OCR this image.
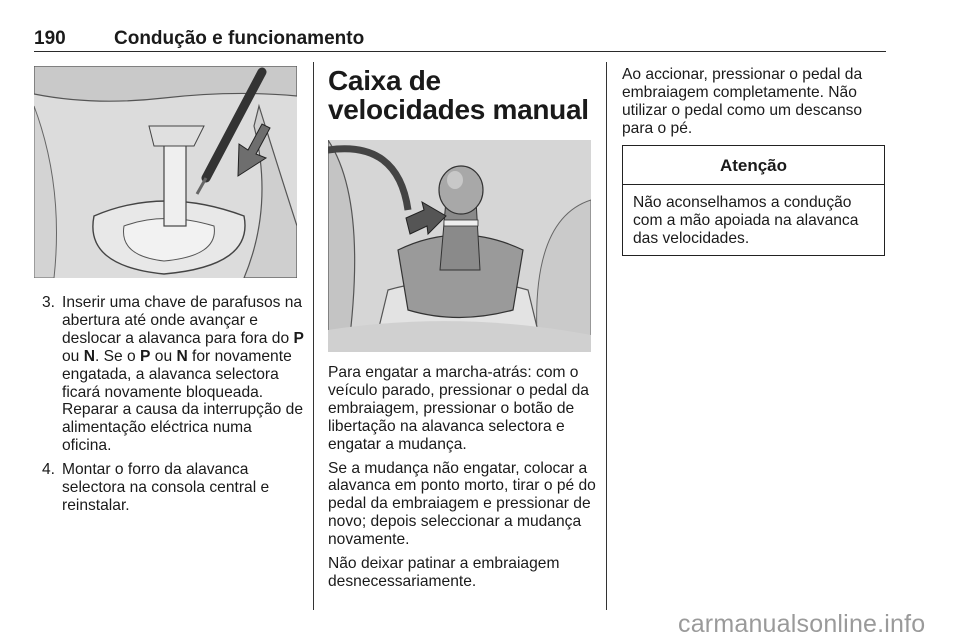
190	Condução e funcionamento
3. Inserir uma chave de parafusos na abertura até onde avançar e deslocar a alavanca para fora do P ou N. Se o P ou N for novamente engatada, a alavanca selectora ficará novamente bloqueada. Reparar a causa da interrupção de alimentação eléctrica numa oficina.
4. Montar o forro da alavanca selectora na consola central e reinstalar.
Caixa de velocidades manual

Para engatar a marcha-atrás: com o veículo parado, pressionar o pedal da embraiagem, pressionar o botão de libertação na alavanca selectora e engatar a mudança.

Se a mudança não engatar, colocar a alavanca em ponto morto, tirar o pé do pedal da embraiagem e pressionar de novo; depois seleccionar a mudança novamente.

Não deixar patinar a embraiagem desnecessariamente.

Ao accionar, pressionar o pedal da embraiagem completamente. Não utilizar o pedal como um descanso para o pé.

Atenção
Não aconselhamos a condução com a mão apoiada na alavanca das velocidades.
carmanualsonline.info
